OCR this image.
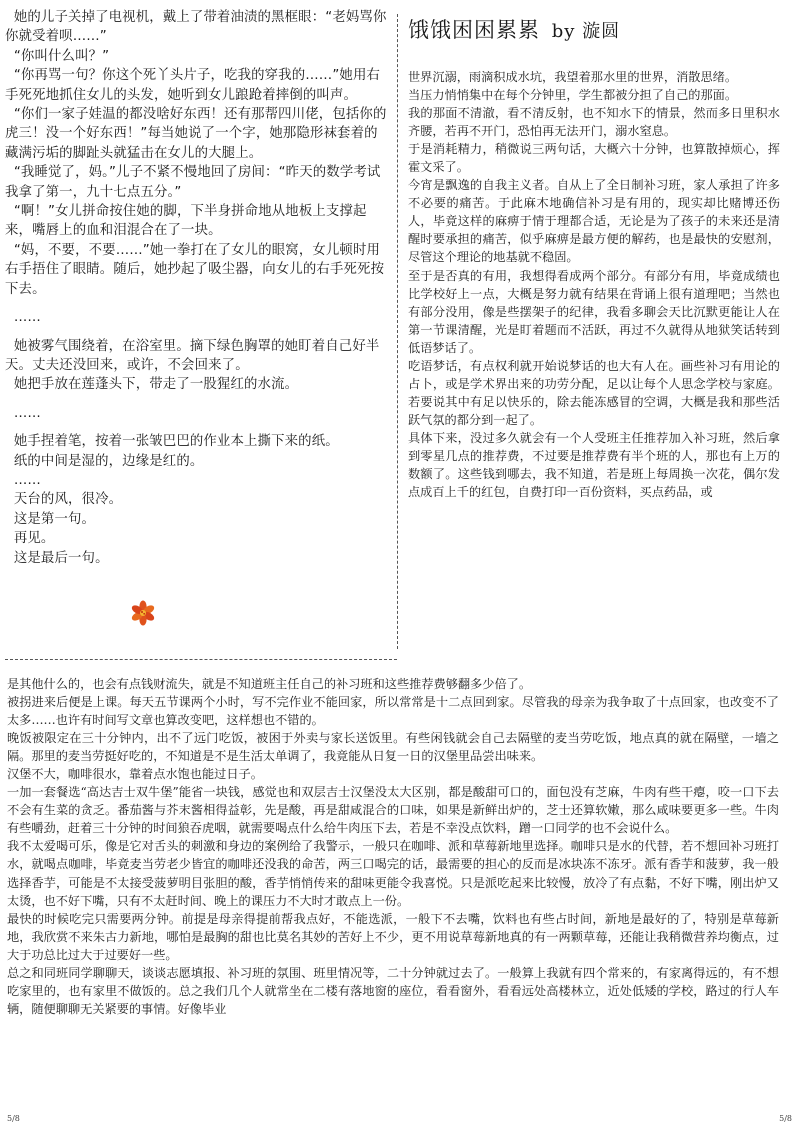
她的儿子关掉了电视机，戴上了带着油渍的黑框眼：“老妈骂你你就受着呗……”

“你叫什么叫？”

“你再骂一句？你这个死丫头片子，吃我的穿我的……”她用右手死死地抓住女儿的头发，她听到女儿踉跄着摔倒的叫声。

“你们一家子娃温的都没啥好东西！还有那帮四川佬，包括你的虎三！没一个好东西！”每当她说了一个字，她那隐形袜套着的藏满污垢的脚趾头就猛击在女儿的大腿上。

“我睡觉了，妈。”儿子不紧不慢地回了房间：“昨天的数学考试我拿了第一，九十七点五分。”

“啊！”女儿拼命按住她的脚，下半身拼命地从地板上支撑起来，嘴唇上的血和泪混合在了一块。

“妈，不要，不要……”她一拳打在了女儿的眼窝，女儿顿时用右手捂住了眼睛。随后，她抄起了吸尘器，向女儿的右手死死按下去。

……

她被雾气围绕着，在浴室里。摘下绿色胸罩的她盯着自己好半天。丈夫还没回来，或许，不会回来了。

她把手放在莲蓬头下，带走了一股猩红的水流。

……

她手捏着笔，按着一张皱巴巴的作业本上撕下来的纸。

纸的中间是湿的，边缘是红的。

……

天台的风，很冷。

这是第一句。

再见。

这是最后一句。

饿饿困困累累 by 漩圆

世界沉溺，雨滴积成水坑，我望着那水里的世界，消散思绪。

当压力悄悄集中在每个分钟里，学生都被分担了自己的那面。

我的那面不清澈，看不清反射，也不知水下的情景，然而多日里积水齐腰，若再不开门，恐怕再无法开门，溺水窒息。

于是消耗精力，稍微说三两句话，大概六十分钟，也算散掉烦心，挥霍文采了。

今宵是飘逸的自我主义者。自从上了全日制补习班，家人承担了许多不必要的痛苦。于此麻木地确信补习是有用的，现实却比赌博还伤人，毕竟这样的麻痹于情于理都合适，无论是为了孩子的未来还是清醒时要承担的痛苦，似乎麻痹是最方便的解药，也是最快的安慰剂，尽管这个理论的地基就不稳固。

至于是否真的有用，我想得看成两个部分。有部分有用，毕竟成绩也比学校好上一点，大概是努力就有结果在背诵上很有道理吧；当然也有部分没用，像是些摆架子的纪律，我看多聊会天比沉默更能让人在第一节课清醒，光是盯着题而不活跃，再过不久就得从地狱笑话转到低语梦话了。

吃语梦话，有点权利就开始说梦话的也大有人在。画些补习有用论的占卜，或是学术界出来的功劳分配，足以让每个人思念学校与家庭。若要说其中有足以快乐的，除去能冻感冒的空调，大概是我和那些活跃气氛的都分到一起了。

具体下来，没过多久就会有一个人受班主任推荐加入补习班，然后拿到零星几点的推荐费，不过要是推荐费有半个班的人，那也有上万的数额了。这些钱到哪去，我不知道，若是班上每周换一次花，偶尔发点成百上千的红包，自费打印一百份资料，买点药品，或

是其他什么的，也会有点钱财流失，就是不知道班主任自己的补习班和这些推荐费够翻多少倍了。

被拐进来后便是上课。每天五节课两个小时，写不完作业不能回家，所以常常是十二点回到家。尽管我的母亲为我争取了十点回家，也改变不了太多……也许有时间写文章也算改变吧，这样想也不错的。

晚饭被限定在三十分钟内，出不了远门吃饭，被困于外卖与家长送饭里。有些闲钱就会自己去隔壁的麦当劳吃饭，地点真的就在隔壁，一墙之隔。那里的麦当劳挺好吃的，不知道是不是生活太单调了，我竟能从日复一日的汉堡里品尝出味来。

汉堡不大，咖啡很水，靠着点水饱也能过日子。

一加一套餐选“高达吉士双牛堡”能省一块钱，感觉也和双层吉士汉堡没太大区别，都是酸甜可口的，面包没有芝麻，牛肉有些干瘪，咬一口下去不会有生菜的贪乏。番茄酱与芥末酱相得益彰，先是酸，再是甜咸混合的口味，如果是新鲜出炉的，芝士还算软嫩，那么咸味要更多一些。牛肉有些嚼劲，赶着三十分钟的时间狼吞虎咽，就需要喝点什么给牛肉压下去，若是不幸没点饮料，蹭一口同学的也不会说什么。

我不太爱喝可乐，像是它对舌头的刺激和身边的案例给了我警示，一般只在咖啡、派和草莓新地里选择。咖啡只是水的代替，若不想回补习班打水，就喝点咖啡，毕竟麦当劳老少皆宜的咖啡还没我的命苦，两三口喝完的话，最需要的担心的反而是冰块冻不冻牙。派有香芋和菠萝，我一般选择香芋，可能是不太接受菠萝明目张胆的酸，香芋悄悄传来的甜味更能令我喜悦。只是派吃起来比较慢，放冷了有点黏，不好下嘴，刚出炉又太烫，也不好下嘴，只有不太赶时间、晚上的课压力不大时才敢点上一份。

最快的时候吃完只需要两分钟。前提是母亲得提前帮我点好，不能选派，一般下不去嘴，饮料也有些占时间，新地是最好的了，特别是草莓新地，我欣赏不来朱古力新地，哪怕是最胸的甜也比莫名其妙的苦好上不少，更不用说草莓新地真的有一两颗草莓，还能让我稍微营养均衡点，过大于功总比过大于过要好一些。

总之和同班同学聊聊天，谈谈志愿填报、补习班的氛围、班里情况等，二十分钟就过去了。一般算上我就有四个常来的，有家离得远的，有不想吃家里的，也有家里不做饭的。总之我们几个人就常坐在二楼有落地窗的座位，看看窗外，看看远处高楼林立，近处低矮的学校，路过的行人车辆，随便聊聊无关紧要的事情。好像毕业

5/8	5/8
